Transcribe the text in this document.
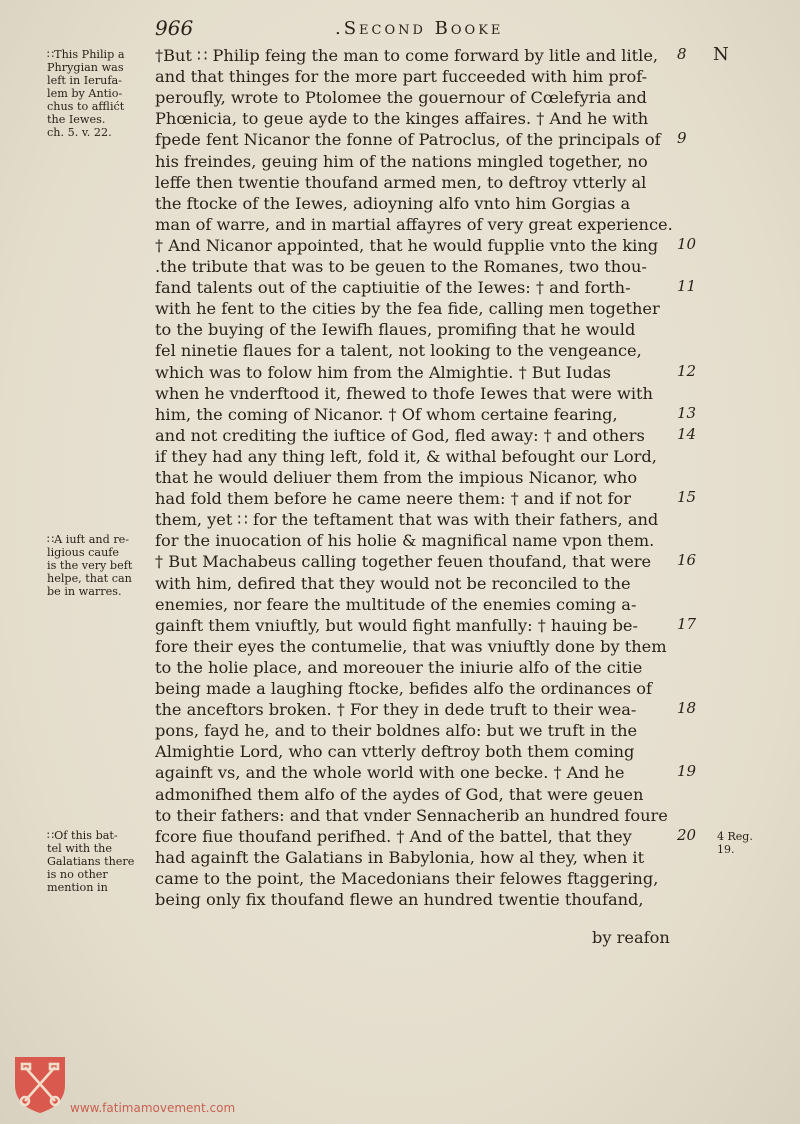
966	.Second Booke
N
∷This Philip a
Phrygian was
left in Ierufa-
lem by Antio-
chus to afflićt
the Iewes.
ch. 5. v. 22.
∷A iuft and re-
ligious caufe
is the very beft
helpe, that can
be in warres.
∷Of this bat-
tel with the
Galatians there
is no other
mention in
†But ∷ Philip feing the man to come forward by litle and litle,
and that thinges for the more part fucceeded with him prof-
peroufly, wrote to Ptolomee the gouernour of Cœlefyria and
Phœnicia, to geue ayde to the kinges affaires. † And he with
fpede fent Nicanor the fonne of Patroclus, of the principals of
his freindes, geuing him of the nations mingled together, no
leffe then twentie thoufand armed men, to deftroy vtterly al
the ftocke of the Iewes, adioyning alfo vnto him Gorgias a
man of warre, and in martial affayres of very great experience.
† And Nicanor appointed, that he would fupplie vnto the king
.the tribute that was to be geuen to the Romanes, two thou-
fand talents out of the captiuitie of the Iewes: † and forth-
with he fent to the cities by the fea fide, calling men together
to the buying of the Iewifh flaues, promifing that he would
fel ninetie flaues for a talent, not looking to the vengeance,
which was to folow him from the Almightie. † But Iudas
when he vnderftood it, fhewed to thofe Iewes that were with
him, the coming of Nicanor. † Of whom certaine fearing,
and not crediting the iuftice of God, fled away: † and others
if they had any thing left, fold it, & withal befought our Lord,
that he would deliuer them from the impious Nicanor, who
had fold them before he came neere them: † and if not for
them, yet ∷ for the teftament that was with their fathers, and
for the inuocation of his holie & magnifical name vpon them.
† But Machabeus calling together feuen thoufand, that were
with him, defired that they would not be reconciled to the
enemies, nor feare the multitude of the enemies coming a-
gainft them vniuftly, but would fight manfully: † hauing be-
fore their eyes the contumelie, that was vniuftly done by them
to the holie place, and moreouer the iniurie alfo of the citie
being made a laughing ftocke, befides alfo the ordinances of
the anceftors broken. † For they in dede truft to their wea-
pons, fayd he, and to their boldnes alfo: but we truft in the
Almightie Lord, who can vtterly deftroy both them coming
againft vs, and the whole world with one becke. † And he
admonifhed them alfo of the aydes of God, that were geuen
to their fathers: and that vnder Sennacherib an hundred foure
fcore fiue thoufand perifhed. † And of the battel, that they
had againft the Galatians in Babylonia, how al they, when it
came to the point, the Macedonians their felowes ftaggering,
being only fix thoufand flewe an hundred twentie thoufand,
8
9
10
11
12
13
14
15
16
17
18
19
20 4 Reg.
19.
by reafon
www.fatimamovement.com
